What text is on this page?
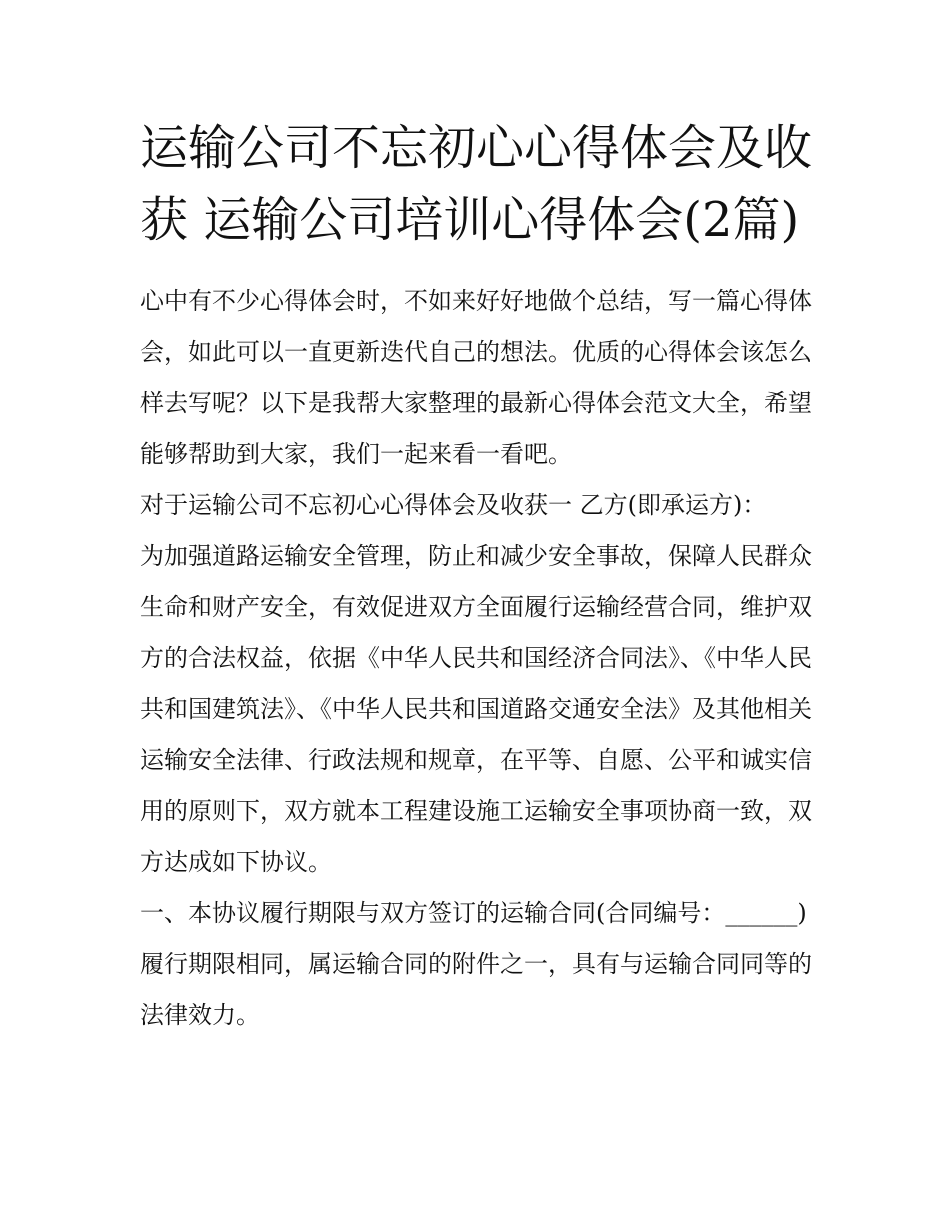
运输公司不忘初心心得体会及收获 运输公司培训心得体会(2篇)

心中有不少心得体会时，不如来好好地做个总结，写一篇心得体会，如此可以一直更新迭代自己的想法。优质的心得体会该怎么样去写呢？以下是我帮大家整理的最新心得体会范文大全，希望能够帮助到大家，我们一起来看一看吧。

对于运输公司不忘初心心得体会及收获一 乙方(即承运方)：

为加强道路运输安全管理，防止和减少安全事故，保障人民群众生命和财产安全，有效促进双方全面履行运输经营合同，维护双方的合法权益，依据《中华人民共和国经济合同法》、《中华人民共和国建筑法》、《中华人民共和国道路交通安全法》及其他相关运输安全法律、行政法规和规章，在平等、自愿、公平和诚实信用的原则下，双方就本工程建设施工运输安全事项协商一致，双方达成如下协议。

一、本协议履行期限与双方签订的运输合同(合同编号：______)履行期限相同，属运输合同的附件之一，具有与运输合同同等的法律效力。
